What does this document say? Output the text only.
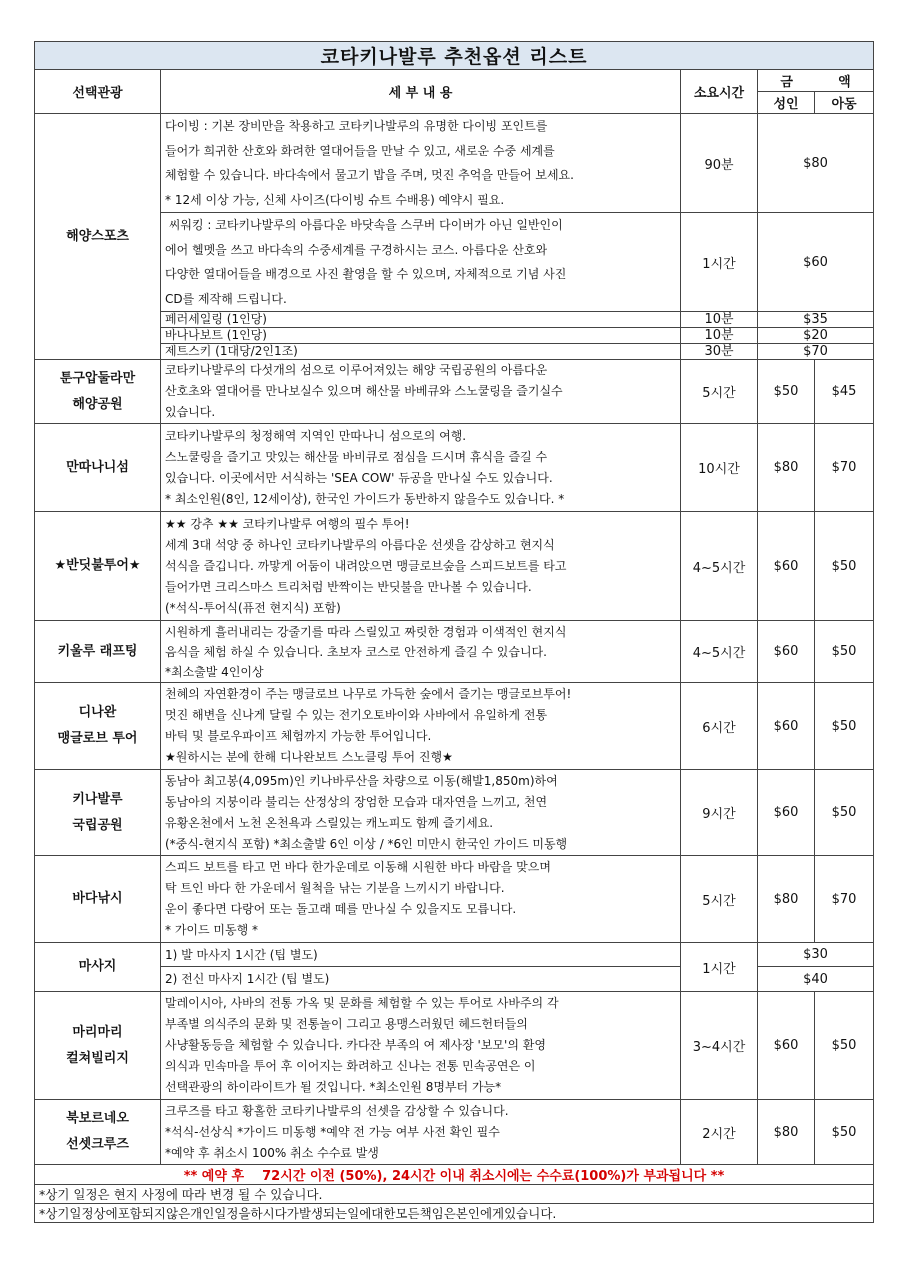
코타키나발루 추천옵션 리스트				
선택관광	세 부 내 용	소요시간	금          액	
			성인	아동
해양스포츠	다이빙 : 기본 장비만을 착용하고 코타키나발루의 유명한 다이빙 포인트를
들어가 희귀한 산호와 화려한 열대어들을 만날 수 있고, 새로운 수중 세계를
체험할 수 있습니다. 바다속에서 물고기 밥을 주며, 멋진 추억을 만들어 보세요.
* 12세 이상 가능, 신체 사이즈(다이빙 슈트 수배용) 예약시 필요.	90분	$80	

	씨워킹 : 코타키나발루의 아름다운 바닷속을 스쿠버 다이버가 아닌 일반인이
에어 헬멧을 쓰고 바다속의 수중세계를 구경하시는 코스. 아름다운 산호와
다양한 열대어들을 배경으로 사진 촬영을 할 수 있으며, 자체적으로 기념 사진
CD를 제작해 드립니다.	1시간	$60	
	페러세일링 (1인당)	10분	$35	
	바나나보트 (1인당)	10분	$20	
	제트스키 (1대당/2인1조)	30분	$70	

툰구압둘라만
해양공원	코타키나발루의 다섯개의 섬으로 이루어져있는 해양 국립공원의 아름다운
산호초와 열대어를 만나보실수 있으며 해산물 바베큐와 스노쿨링을 즐기실수
있습니다.	5시간	$50	$45

만따나니섬	코타키나발루의 청정해역 지역인 만따나니 섬으로의 여행.
스노쿨링을 즐기고 맛있는 해산물 바비큐로 점심을 드시며 휴식을 즐길 수
있습니다. 이곳에서만 서식하는 'SEA COW' 듀공을 만나실 수도 있습니다.
* 최소인원(8인, 12세이상), 한국인 가이드가 동반하지 않을수도 있습니다. *	10시간	$80	$70

★반딧불투어★	★★ 강추 ★★ 코타키나발루 여행의 필수 투어!
세계 3대 석양 중 하나인 코타키나발루의 아름다운 선셋을 감상하고 현지식
석식을 즐깁니다. 까맣게 어둠이 내려앉으면 맹글로브숲을 스피드보트를 타고
들어가면 크리스마스 트리처럼 반짝이는 반딧불을 만나볼 수 있습니다.
(*석식-투어식(퓨전 현지식) 포함)	4~5시간	$60	$50

키울루 래프팅	시원하게 흘러내리는 강줄기를 따라 스릴있고 짜릿한 경험과 이색적인 현지식
음식을 체험 하실 수 있습니다. 초보자 코스로 안전하게 즐길 수 있습니다.
*최소출발 4인이상	4~5시간	$60	$50

디나완
맹글로브 투어	천혜의 자연환경이 주는 맹글로브 나무로 가득한 숲에서 즐기는 맹글로브투어!
멋진 해변을 신나게 달릴 수 있는 전기오토바이와 사바에서 유일하게 전통
바틱 및 블로우파이프 체험까지 가능한 투어입니다.
★원하시는 분에 한해 디나완보트 스노클링 투어 진행★	6시간	$60	$50

키나발루
국립공원	동남아 최고봉(4,095m)인 키나바루산을 차량으로 이동(해발1,850m)하여
동남아의 지붕이라 불리는 산정상의 장엄한 모습과 대자연을 느끼고, 천연
유황온천에서 노천 온천욕과 스릴있는 캐노피도 함께 즐기세요.
(*중식-현지식 포함) *최소출발 6인 이상 / *6인 미만시 한국인 가이드 미동행	9시간	$60	$50

바다낚시	스피드 보트를 타고 먼 바다 한가운데로 이동해 시원한 바다 바람을 맞으며
탁 트인 바다 한 가운데서 월척을 낚는 기분을 느끼시기 바랍니다.
운이 좋다면 다랑어 또는 돌고래 떼를 만나실 수 있을지도 모릅니다.
* 가이드 미동행 *	5시간	$80	$70
마사지	1) 발 마사지 1시간 (팁 별도)	1시간	$30	
	2) 전신 마사지 1시간 (팁 별도)		$40	

마리마리
컬쳐빌리지	말레이시아, 사바의 전통 가옥 및 문화를 체험할 수 있는 투어로 사바주의 각
부족별 의식주의 문화 및 전통놀이 그리고 용맹스러웠던 헤드헌터들의
사냥활동등을 체험할 수 있습니다. 카다잔 부족의 여 제사장 '보모'의 환영
의식과 민속마을 투어 후 이어지는 화려하고 신나는 전통 민속공연은 이
선택관광의 하이라이트가 될 것입니다. *최소인원 8명부터 가능*	3~4시간	$60	$50

북보르네오
선셋크루즈	크루즈를 타고 황홀한 코타키나발루의 선셋을 감상할 수 있습니다.
*석식-선상식 *가이드 미동행 *예약 전 가능 여부 사전 확인 필수
*예약 후 취소시 100% 취소 수수료 발생	2시간	$80	$50
** 예약 후    72시간 이전 (50%), 24시간 이내 취소시에는 수수료(100%)가 부과됩니다 **				
*상기 일정은 현지 사정에 따라 변경 될 수 있습니다.				
*상기일정상에포함되지않은개인일정을하시다가발생되는일에대한모든책임은본인에게있습니다.				
